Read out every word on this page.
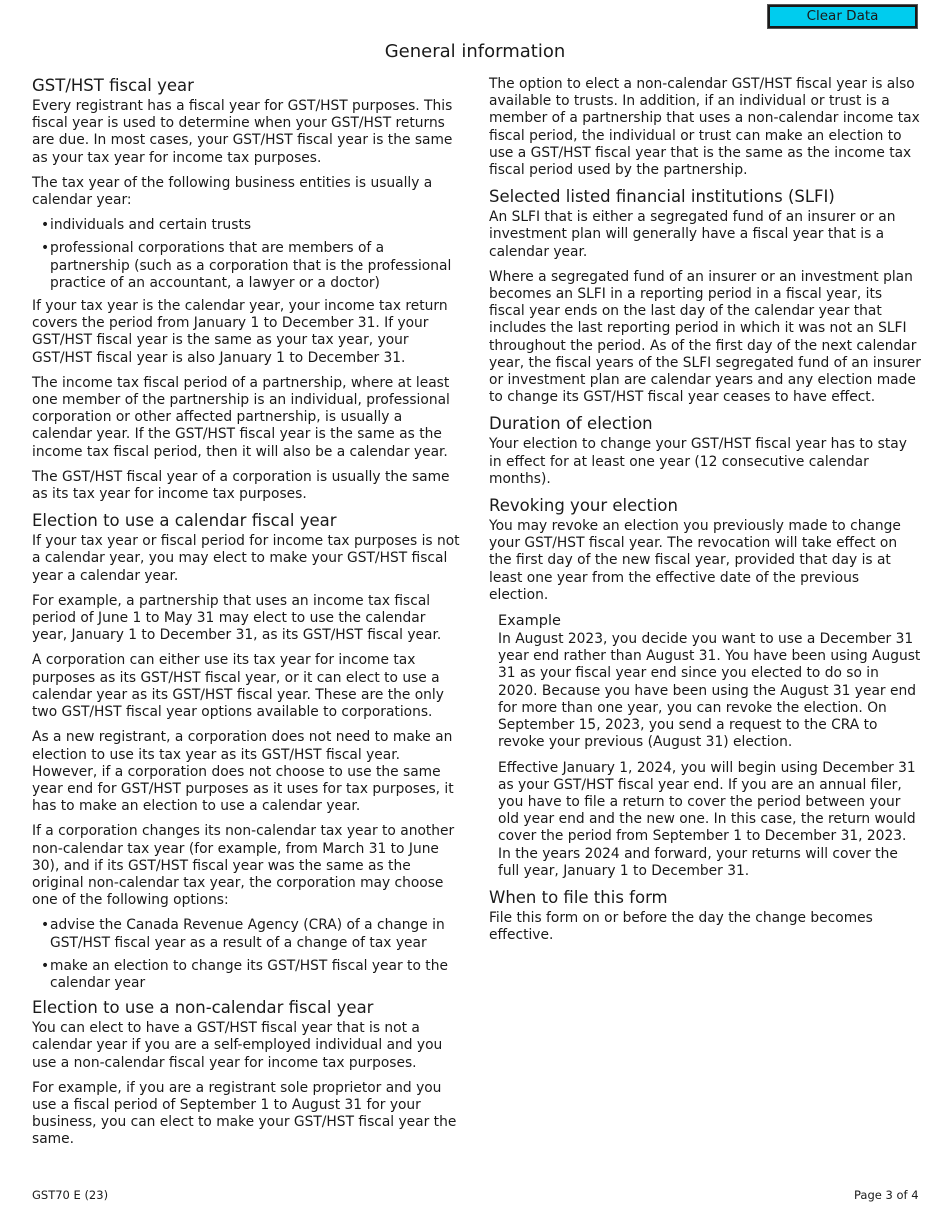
Clear Data
General information
GST/HST fiscal year

Every registrant has a fiscal year for GST/HST purposes. This fiscal year is used to determine when your GST/HST returns are due. In most cases, your GST/HST fiscal year is the same as your tax year for income tax purposes.

The tax year of the following business entities is usually a calendar year:

• individuals and certain trusts
• professional corporations that are members of a partnership (such as a corporation that is the professional practice of an accountant, a lawyer or a doctor)

If your tax year is the calendar year, your income tax return covers the period from January 1 to December 31. If your GST/HST fiscal year is the same as your tax year, your GST/HST fiscal year is also January 1 to December 31.

The income tax fiscal period of a partnership, where at least one member of the partnership is an individual, professional corporation or other affected partnership, is usually a calendar year. If the GST/HST fiscal year is the same as the income tax fiscal period, then it will also be a calendar year.

The GST/HST fiscal year of a corporation is usually the same as its tax year for income tax purposes.

Election to use a calendar fiscal year

If your tax year or fiscal period for income tax purposes is not a calendar year, you may elect to make your GST/HST fiscal year a calendar year.

For example, a partnership that uses an income tax fiscal period of June 1 to May 31 may elect to use the calendar year, January 1 to December 31, as its GST/HST fiscal year.

A corporation can either use its tax year for income tax purposes as its GST/HST fiscal year, or it can elect to use a calendar year as its GST/HST fiscal year. These are the only two GST/HST fiscal year options available to corporations.

As a new registrant, a corporation does not need to make an election to use its tax year as its GST/HST fiscal year. However, if a corporation does not choose to use the same year end for GST/HST purposes as it uses for tax purposes, it has to make an election to use a calendar year.

If a corporation changes its non-calendar tax year to another non-calendar tax year (for example, from March 31 to June 30), and if its GST/HST fiscal year was the same as the original non-calendar tax year, the corporation may choose one of the following options:

• advise the Canada Revenue Agency (CRA) of a change in GST/HST fiscal year as a result of a change of tax year
• make an election to change its GST/HST fiscal year to the calendar year
Election to use a non-calendar fiscal year

You can elect to have a GST/HST fiscal year that is not a calendar year if you are a self-employed individual and you use a non-calendar fiscal year for income tax purposes.

For example, if you are a registrant sole proprietor and you use a fiscal period of September 1 to August 31 for your business, you can elect to make your GST/HST fiscal year the same.

The option to elect a non-calendar GST/HST fiscal year is also available to trusts. In addition, if an individual or trust is a member of a partnership that uses a non-calendar income tax fiscal period, the individual or trust can make an election to use a GST/HST fiscal year that is the same as the income tax fiscal period used by the partnership.

Selected listed financial institutions (SLFI)

An SLFI that is either a segregated fund of an insurer or an investment plan will generally have a fiscal year that is a calendar year.

Where a segregated fund of an insurer or an investment plan becomes an SLFI in a reporting period in a fiscal year, its fiscal year ends on the last day of the calendar year that includes the last reporting period in which it was not an SLFI throughout the period. As of the first day of the next calendar year, the fiscal years of the SLFI segregated fund of an insurer or investment plan are calendar years and any election made to change its GST/HST fiscal year ceases to have effect.

Duration of election

Your election to change your GST/HST fiscal year has to stay in effect for at least one year (12 consecutive calendar months).

Revoking your election

You may revoke an election you previously made to change your GST/HST fiscal year. The revocation will take effect on the first day of the new fiscal year, provided that day is at least one year from the effective date of the previous election.

Example

In August 2023, you decide you want to use a December 31 year end rather than August 31. You have been using August 31 as your fiscal year end since you elected to do so in 2020. Because you have been using the August 31 year end for more than one year, you can revoke the election. On September 15, 2023, you send a request to the CRA to revoke your previous (August 31) election.

Effective January 1, 2024, you will begin using December 31 as your GST/HST fiscal year end. If you are an annual filer, you have to file a return to cover the period between your old year end and the new one. In this case, the return would cover the period from September 1 to December 31, 2023. In the years 2024 and forward, your returns will cover the full year, January 1 to December 31.

When to file this form

File this form on or before the day the change becomes effective.

GST70 E (23)	Page 3 of 4
